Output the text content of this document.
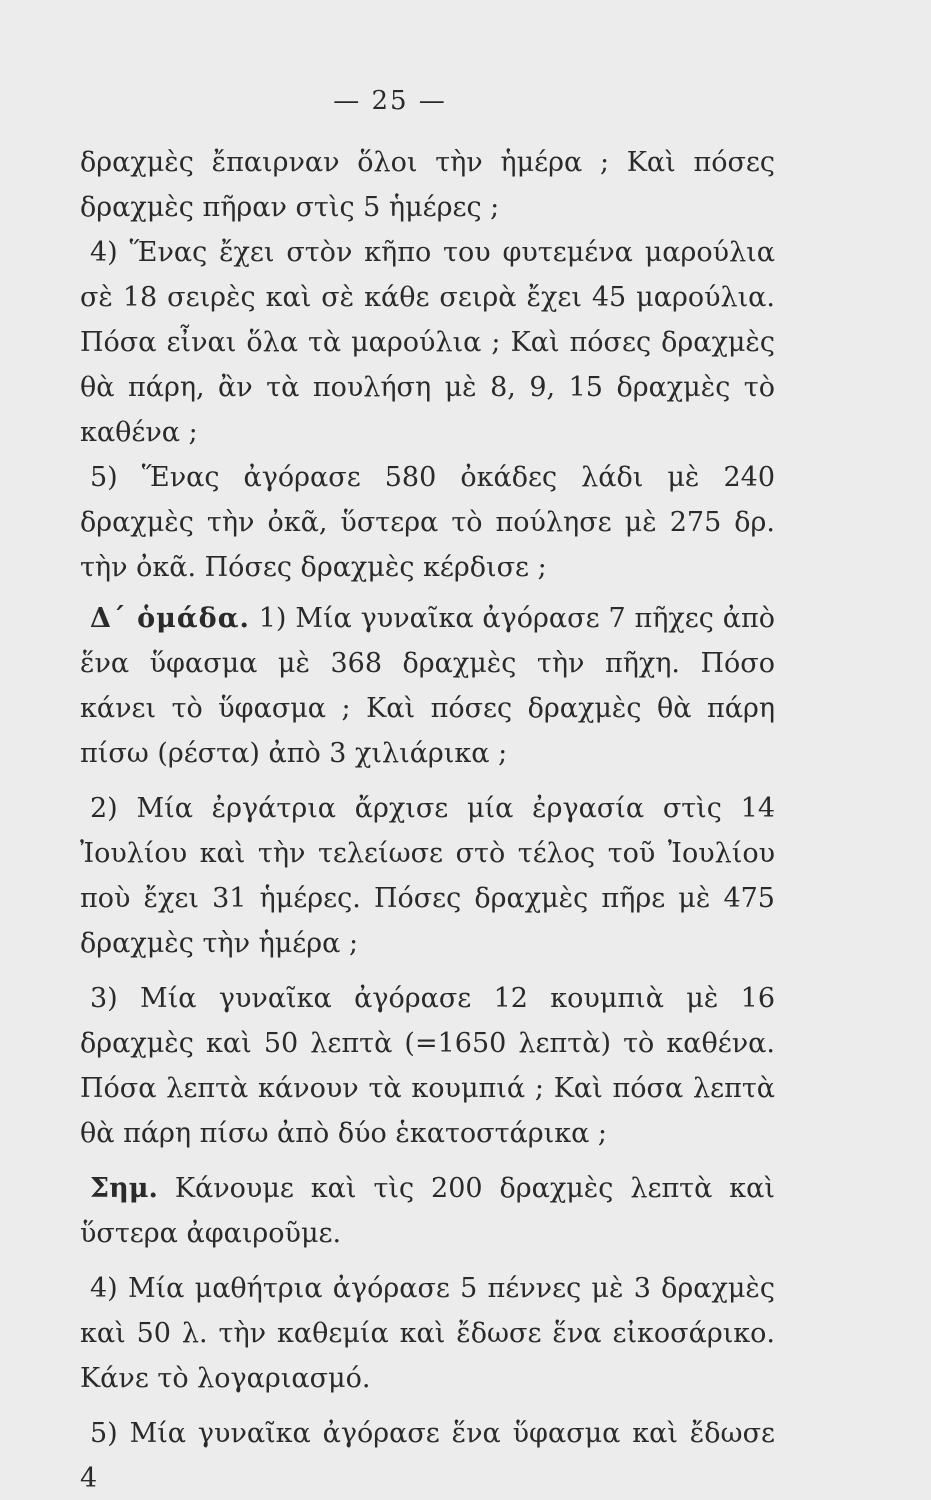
— 25 —

δραχμὲς ἔπαιρναν ὅλοι τὴν ἡμέρα ; Καὶ πόσες δραχμὲς πῆραν στὶς 5 ἡμέρες ;

4) Ἕνας ἔχει στὸν κῆπο του φυτεμένα μαρούλια σὲ 18 σειρὲς καὶ σὲ κάθε σειρὰ ἔχει 45 μαρούλια. Πόσα εἶναι ὅλα τὰ μαρούλια ; Καὶ πόσες δραχμὲς θὰ πάρη, ἂν τὰ πουλήση μὲ 8, 9, 15 δραχμὲς τὸ καθένα ;

5) Ἕνας ἀγόρασε 580 ὀκάδες λάδι μὲ 240 δραχμὲς τὴν ὀκᾶ, ὕστερα τὸ πούλησε μὲ 275 δρ. τὴν ὀκᾶ. Πόσες δραχμὲς κέρδισε ;

Δ΄ ὁμάδα. 1) Μία γυναῖκα ἀγόρασε 7 πῆχες ἀπὸ ἕνα ὕφασμα μὲ 368 δραχμὲς τὴν πῆχη. Πόσο κάνει τὸ ὕφασμα ; Καὶ πόσες δραχμὲς θὰ πάρη πίσω (ρέστα) ἀπὸ 3 χιλιάρικα ;

2) Μία ἐργάτρια ἄρχισε μία ἐργασία στὶς 14 Ἰουλίου καὶ τὴν τελείωσε στὸ τέλος τοῦ Ἰουλίου ποὺ ἔχει 31 ἡμέρες. Πόσες δραχμὲς πῆρε μὲ 475 δραχμὲς τὴν ἡμέρα ;

3) Μία γυναῖκα ἀγόρασε 12 κουμπιὰ μὲ 16 δραχμὲς καὶ 50 λεπτὰ (=1650 λεπτὰ) τὸ καθένα. Πόσα λεπτὰ κάνουν τὰ κουμπιά ; Καὶ πόσα λεπτὰ θὰ πάρη πίσω ἀπὸ δύο ἑκατοστάρικα ;

Σημ. Κάνουμε καὶ τὶς 200 δραχμὲς λεπτὰ καὶ ὕστερα ἀφαιροῦμε.

4) Μία μαθήτρια ἀγόρασε 5 πέννες μὲ 3 δραχμὲς καὶ 50 λ. τὴν καθεμία καὶ ἔδωσε ἕνα εἰκοσάρικο. Κάνε τὸ λογαριασμό.

5) Μία γυναῖκα ἀγόρασε ἕνα ὕφασμα καὶ ἔδωσε 4
